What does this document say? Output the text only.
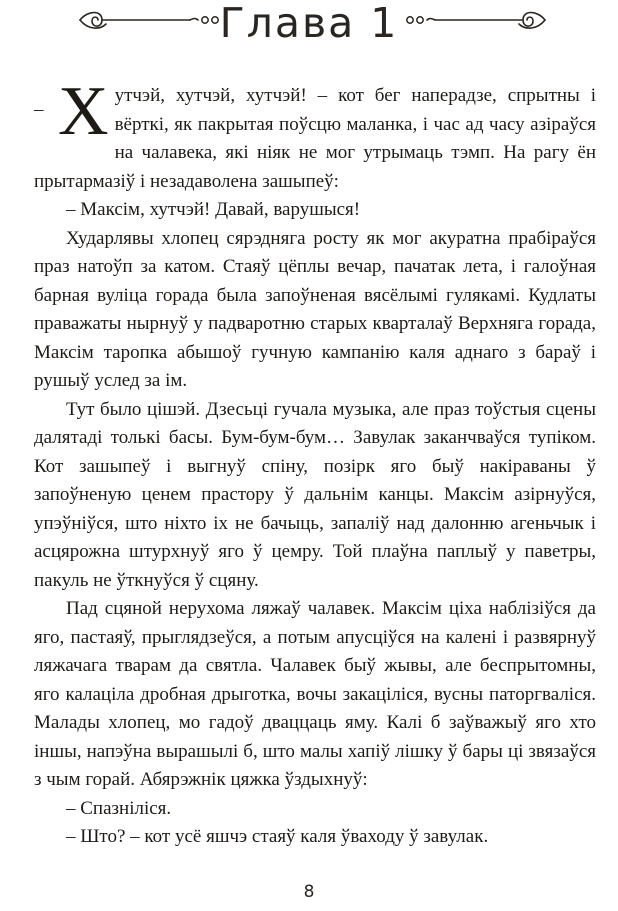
Глава 1

– Х утчэй, хутчэй, хутчэй! – кот бег наперадзе, спрытны і вёрткі, як пакрытая поўсцю маланка, і час ад часу азіраўся на чалавека, які ніяк не мог утрымаць тэмп. На рагу ён прытармазіў і незадаволена зашыпеў:

– Максім, хутчэй! Давай, варушыся!

Хударлявы хлопец сярэднягa росту як мог акуратна прабіраўся праз натоўп за катом. Стаяў цёплы вечар, пачатак лета, і галоўная барная вуліца горада была запоўненая вясёлымі гулякамі. Кудлаты праважаты нырнуў у падваротню старых кварталаў Верхняга горада, Максім таропка абышоў гучную кампанію каля аднаго з бараў і рушыў услед за ім.

Тут было цішэй. Дзесьці гучала музыка, але праз тоўстыя сцены далятаді толькі басы. Бум-бум-бум… Завулак заканчваўся тупіком. Кот зашыпеў і выгнуў спіну, позірк яго быў накіраваны ў запоўненую ценем прастору ў дальнім канцы. Максім азірнуўся, упэўніўся, што ніхто іх не бачыць, запаліў над далонню агеньчык і асцярожна штурхнуў яго ў цемру. Той плаўна паплыў у паветры, пакуль не ўткнуўся ў сцяну.

Пад сцяной нерухома ляжаў чалавек. Максім ціха наблізіўся да яго, пастаяў, прыглядзеўся, а потым апусціўся на калені і развярнуў ляжачага тварам да святла. Чалавек быў жывы, але беспрытомны, яго калаціла дробная дрыготка, вочы закаціліся, вусны паторгваліся. Малады хлопец, мо гадоў дваццаць яму. Калі б заўважыў яго хто іншы, напэўна вырашылі б, што малы хапіў лішку ў бары ці звязаўся з чым горай. Абярэжнік цяжка ўздыхнуў:

– Спазніліся.

– Што? – кот усё яшчэ стаяў каля ўваходу ў завулак.

8
